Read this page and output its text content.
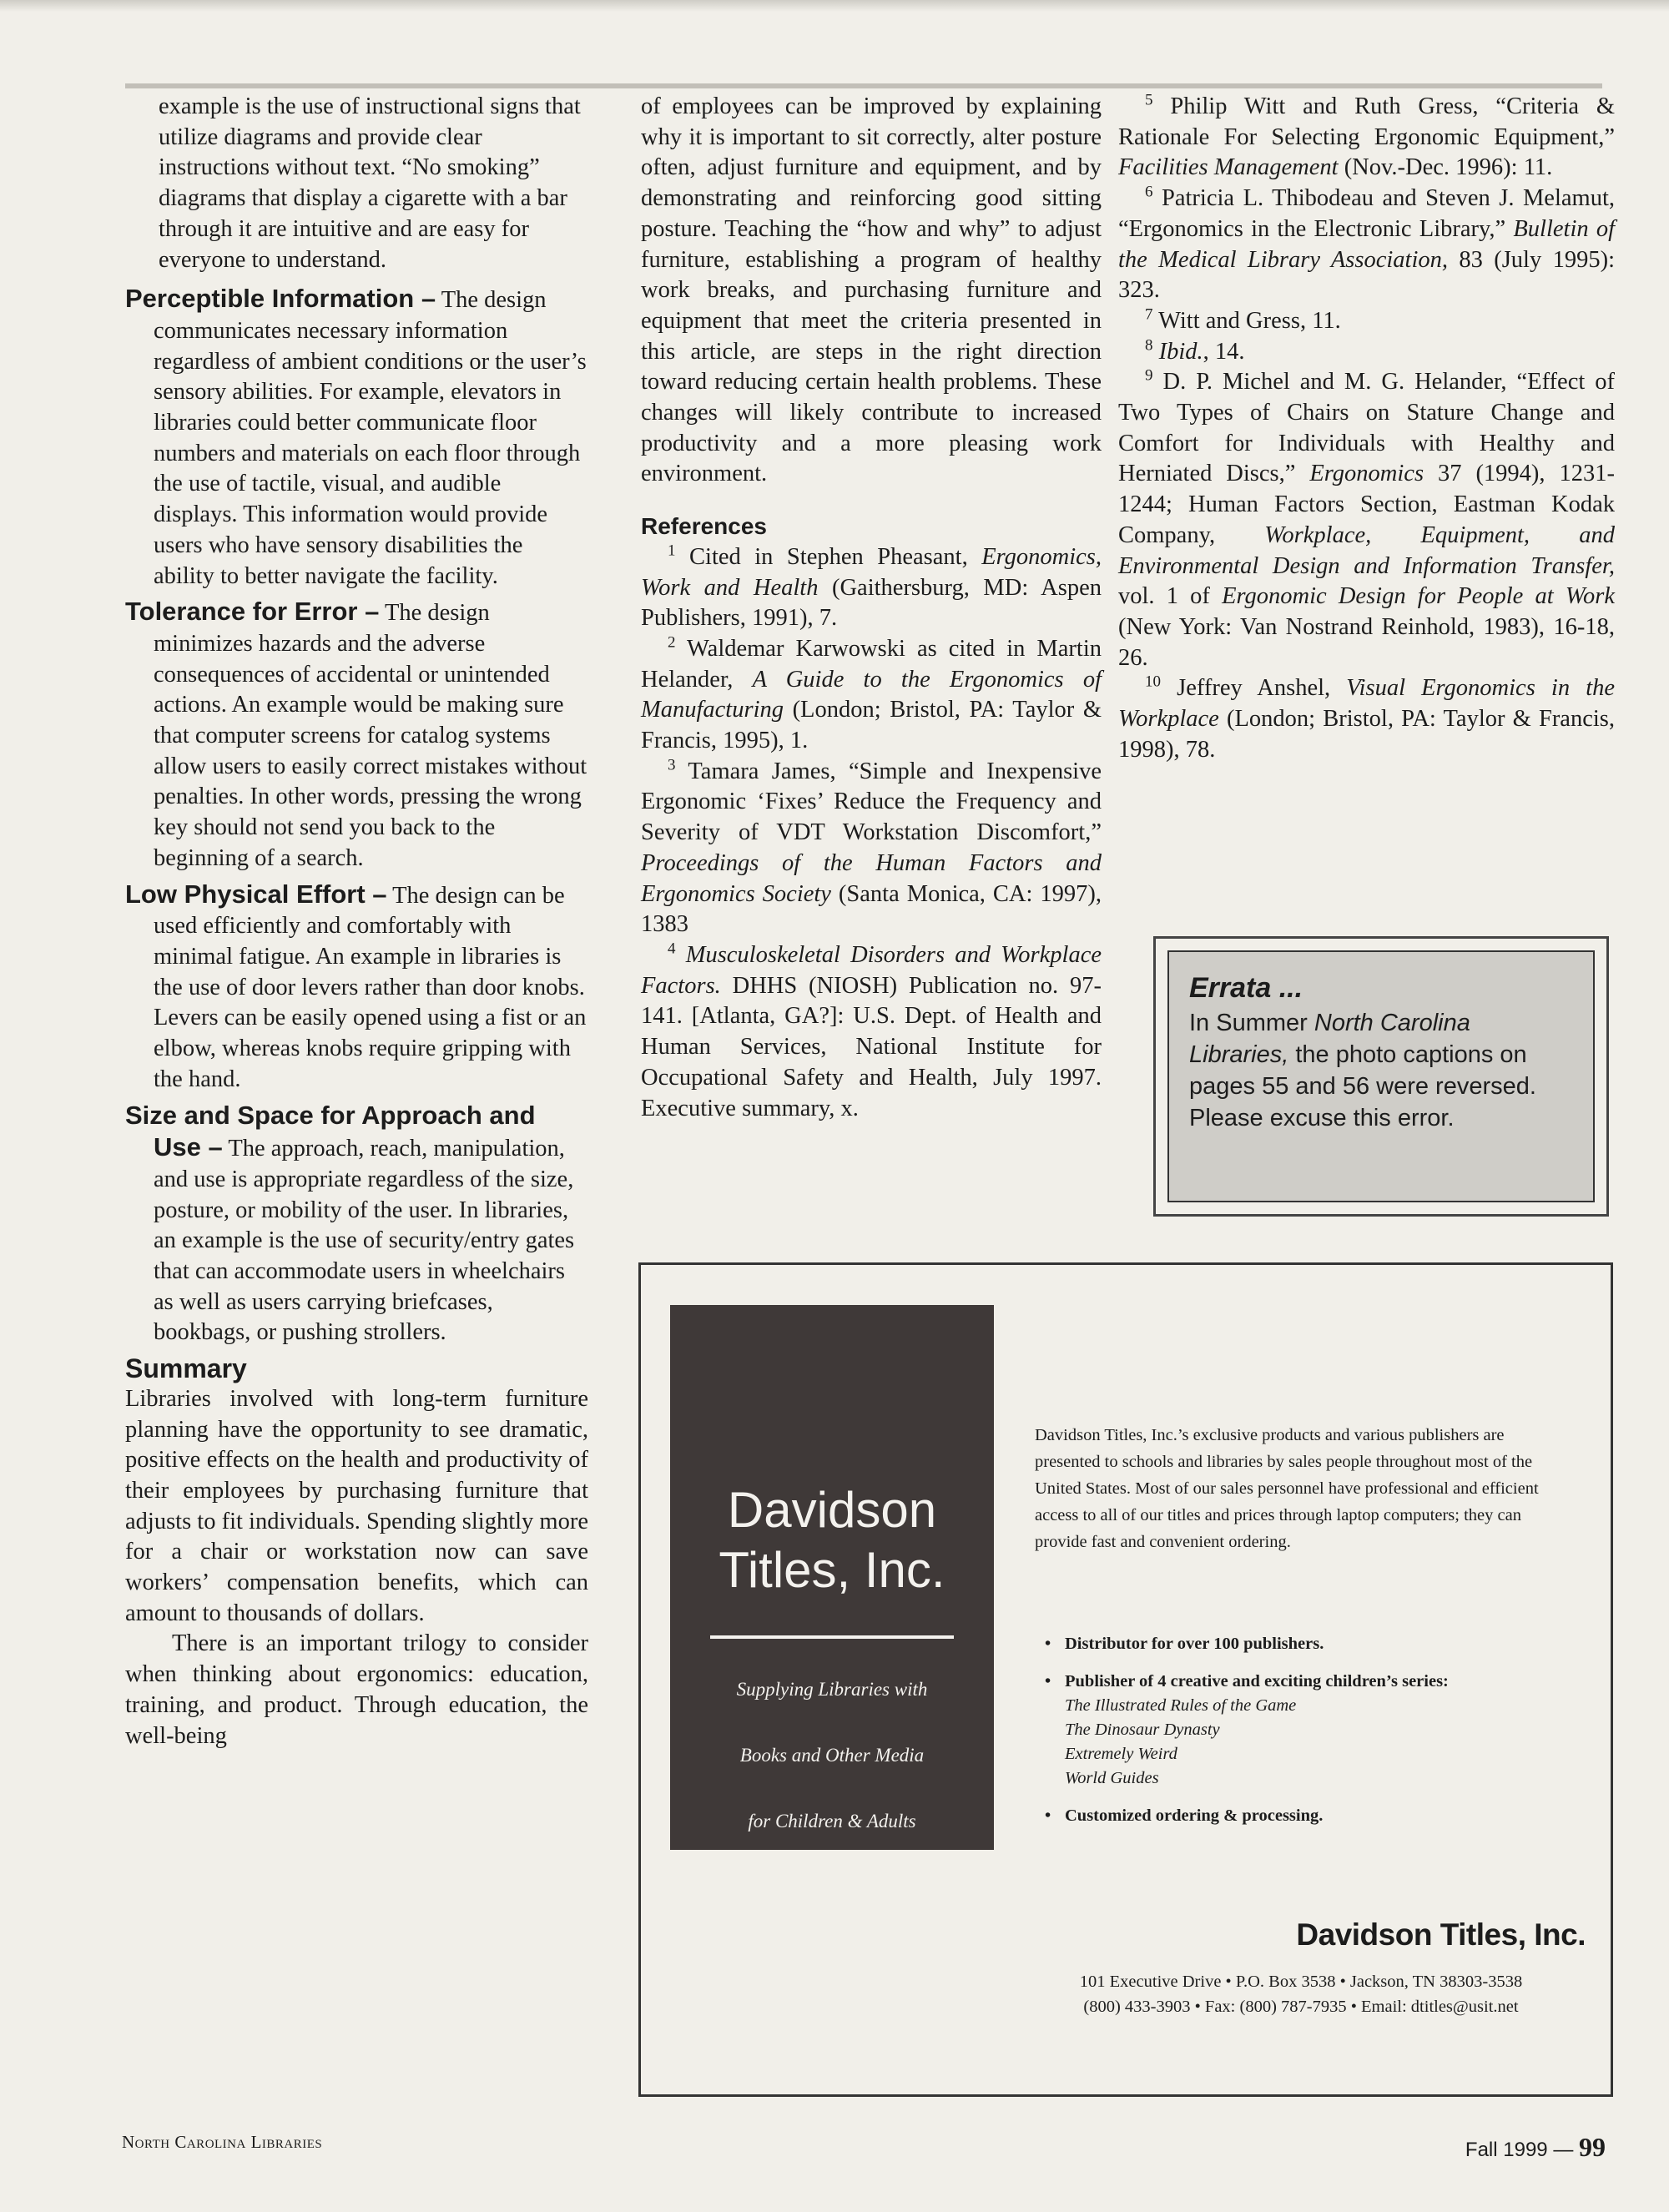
example is the use of instructional signs that utilize diagrams and provide clear instructions without text. “No smoking” diagrams that display a cigarette with a bar through it are intuitive and are easy for everyone to understand.

Perceptible Information – The design communicates necessary information regardless of ambient conditions or the user’s sensory abilities. For example, elevators in libraries could better communicate floor numbers and materials on each floor through the use of tactile, visual, and audible displays. This information would provide users who have sensory disabilities the ability to better navigate the facility.

Tolerance for Error – The design minimizes hazards and the adverse consequences of accidental or unintended actions. An example would be making sure that computer screens for catalog systems allow users to easily correct mistakes without penalties. In other words, pressing the wrong key should not send you back to the beginning of a search.

Low Physical Effort – The design can be used efficiently and comfortably with minimal fatigue. An example in libraries is the use of door levers rather than door knobs. Levers can be easily opened using a fist or an elbow, whereas knobs require gripping with the hand.

Size and Space for Approach and Use – The approach, reach, manipulation, and use is appropriate regardless of the size, posture, or mobility of the user. In libraries, an example is the use of security/entry gates that can accommodate users in wheelchairs as well as users carrying briefcases, bookbags, or pushing strollers.

Summary

Libraries involved with long-term furniture planning have the opportunity to see dramatic, positive effects on the health and productivity of their employees by purchasing furniture that adjusts to fit individuals. Spending slightly more for a chair or workstation now can save workers’ compensation benefits, which can amount to thousands of dollars.

There is an important trilogy to consider when thinking about ergonomics: education, training, and product. Through education, the well-being

of employees can be improved by explaining why it is important to sit correctly, alter posture often, adjust furniture and equipment, and by demonstrating and reinforcing good sitting posture. Teaching the “how and why” to adjust furniture, establishing a program of healthy work breaks, and purchasing furniture and equipment that meet the criteria presented in this article, are steps in the right direction toward reducing certain health problems. These changes will likely contribute to increased productivity and a more pleasing work environment.

References

$^1$ Cited in Stephen Pheasant, Ergonomics, Work and Health (Gaithersburg, MD: Aspen Publishers, 1991), 7.

$^2$ Waldemar Karwowski as cited in Martin Helander, A Guide to the Ergonomics of Manufacturing (London; Bristol, PA: Taylor & Francis, 1995), 1.

$^3$ Tamara James, “Simple and Inexpensive Ergonomic ‘Fixes’ Reduce the Frequency and Severity of VDT Workstation Discomfort,” Proceedings of the Human Factors and Ergonomics Society (Santa Monica, CA: 1997), 1383

$^4$ Musculoskeletal Disorders and Workplace Factors. DHHS (NIOSH) Publication no. 97-141. [Atlanta, GA?]: U.S. Dept. of Health and Human Services, National Institute for Occupational Safety and Health, July 1997. Executive summary, x.

$^5$ Philip Witt and Ruth Gress, “Criteria & Rationale For Selecting Ergonomic Equipment,” Facilities Management (Nov.-Dec. 1996): 11.

$^6$ Patricia L. Thibodeau and Steven J. Melamut, “Ergonomics in the Electronic Library,” Bulletin of the Medical Library Association, 83 (July 1995): 323.

$^7$ Witt and Gress, 11.

$^8$ Ibid., 14.

$^9$ D. P. Michel and M. G. Helander, “Effect of Two Types of Chairs on Stature Change and Comfort for Individuals with Healthy and Herniated Discs,” Ergonomics 37 (1994), 1231-1244; Human Factors Section, Eastman Kodak Company, Workplace, Equipment, and Environmental Design and Information Transfer, vol. 1 of Ergonomic Design for People at Work (New York: Van Nostrand Reinhold, 1983), 16-18, 26.

$^{10}$ Jeffrey Anshel, Visual Ergonomics in the Workplace (London; Bristol, PA: Taylor & Francis, 1998), 78.

Errata ...
In Summer North Carolina Libraries, the photo captions on pages 55 and 56 were reversed. Please excuse this error.
Davidson
Titles, Inc.
Supplying Libraries with
Books and Other Media
for Children & Adults
Davidson Titles, Inc.’s exclusive products and various publishers are presented to schools and libraries by sales people throughout most of the United States. Most of our sales personnel have professional and efficient access to all of our titles and prices through laptop computers; they can provide fast and convenient ordering.
• Distributor for over 100 publishers.
• Publisher of 4 creative and exciting children’s series:
The Illustrated Rules of the Game
The Dinosaur Dynasty
Extremely Weird
World Guides
• Customized ordering & processing.
Davidson Titles, Inc.
101 Executive Drive • P.O. Box 3538 • Jackson, TN 38303-3538
(800) 433-3903 • Fax: (800) 787-7935 • Email: dtitles@usit.net
North Carolina Libraries	Fall 1999 — 99
